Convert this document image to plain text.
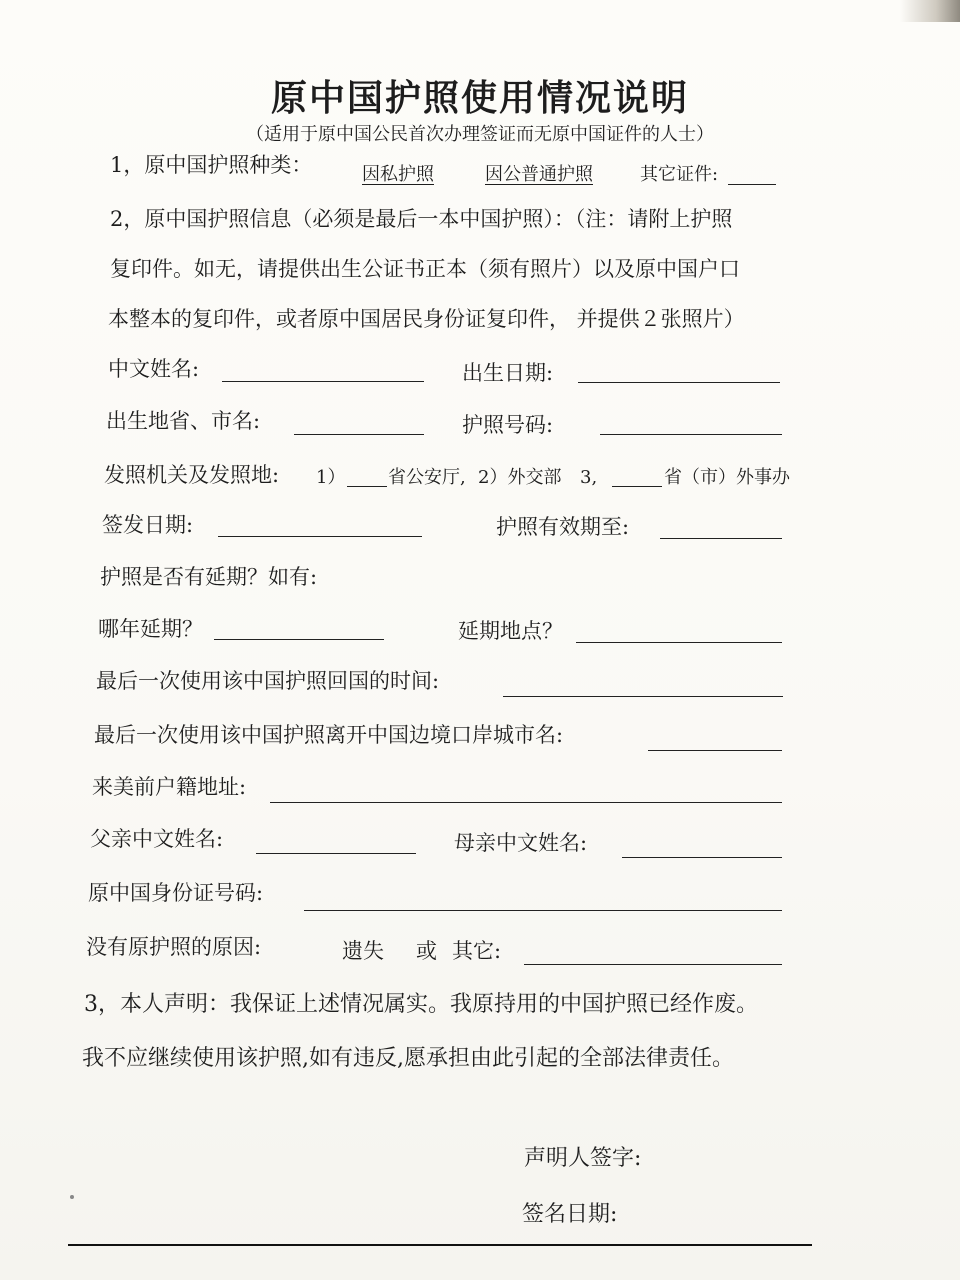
原中国护照使用情况说明
（适用于原中国公民首次办理签证而无原中国证件的人士）
1，原中国护照种类：	因私护照	因公普通护照	其它证件:
2，原中国护照信息（必须是最后一本中国护照）：（注：请附上护照
复印件。如无，请提供出生公证书正本（须有照片）以及原中国户口
本整本的复印件，或者原中国居民身份证复印件， 并提供２张照片）
中文姓名:	出生日期:
出生地省、市名:	护照号码:
发照机关及发照地: 1） 省公安厅, 2）外交部 3,	省（市）外事办
签发日期:	护照有效期至:
护照是否有延期？如有:
哪年延期？	延期地点？
最后一次使用该中国护照回国的时间:
最后一次使用该中国护照离开中国边境口岸城市名:
来美前户籍地址:
父亲中文姓名:	母亲中文姓名:
原中国身份证号码:
没有原护照的原因:	遗失 或 其它:
3，本人声明：我保证上述情况属实。我原持用的中国护照已经作废。
我不应继续使用该护照,如有违反,愿承担由此引起的全部法律责任。
声明人签字:
签名日期:
